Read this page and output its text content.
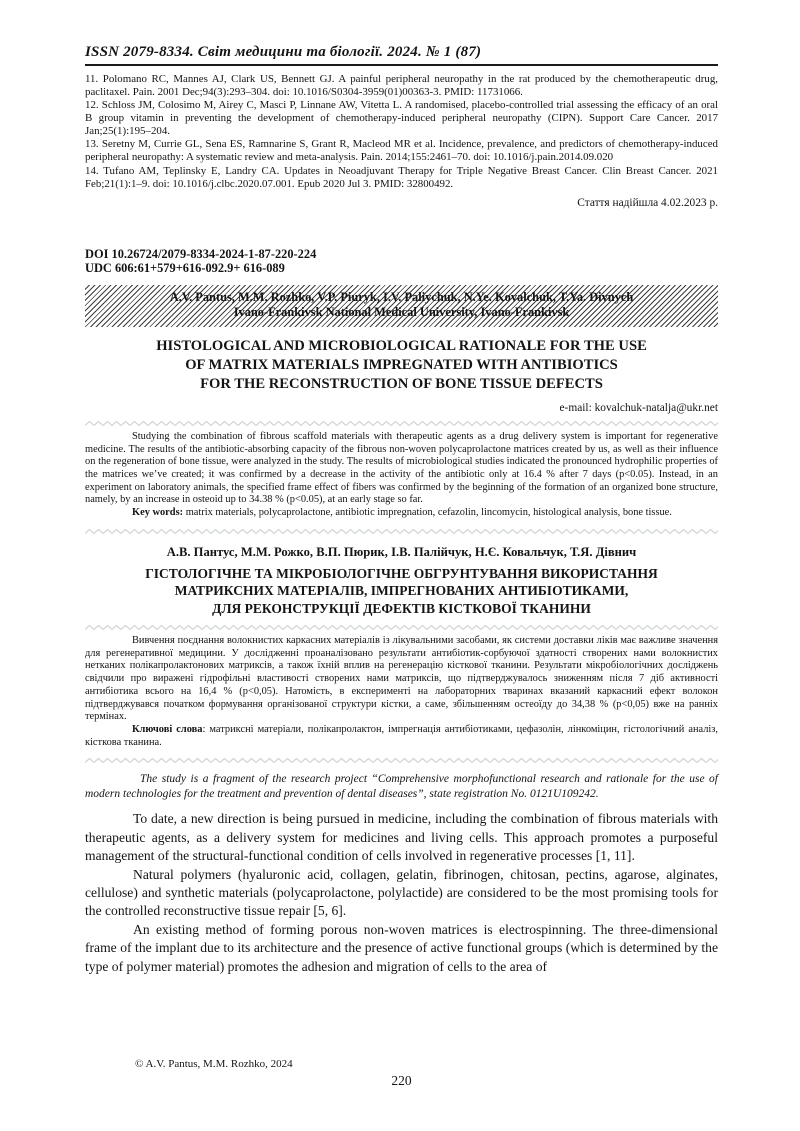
ISSN 2079-8334. Світ медицини та біології. 2024. № 1 (87)

11. Polomano RC, Mannes AJ, Clark US, Bennett GJ. A painful peripheral neuropathy in the rat produced by the chemotherapeutic drug, paclitaxel. Pain. 2001 Dec;94(3):293–304. doi: 10.1016/S0304-3959(01)00363-3. PMID: 11731066.

12. Schloss JM, Colosimo M, Airey C, Masci P, Linnane AW, Vitetta L. A randomised, placebo-controlled trial assessing the efficacy of an oral B group vitamin in preventing the development of chemotherapy-induced peripheral neuropathy (CIPN). Support Care Cancer. 2017 Jan;25(1):195–204.

13. Seretny M, Currie GL, Sena ES, Ramnarine S, Grant R, Macleod MR et al. Incidence, prevalence, and predictors of chemotherapy-induced peripheral neuropathy: A systematic review and meta-analysis. Pain. 2014;155:2461–70. doi: 10.1016/j.pain.2014.09.020

14. Tufano AM, Teplinsky E, Landry CA. Updates in Neoadjuvant Therapy for Triple Negative Breast Cancer. Clin Breast Cancer. 2021 Feb;21(1):1–9. doi: 10.1016/j.clbc.2020.07.001. Epub 2020 Jul 3. PMID: 32800492.

Стаття надійшла 4.02.2023 р.
DOI 10.26724/2079-8334-2024-1-87-220-224
UDC 606:61+579+616-092.9+ 616-089
A.V. Pantus, M.M. Rozhko, V.P. Piuryk, I.V. Paliychuk, N.Ye. Kovalchuk, T.Ya. Divnych
Ivano-Frankivsk National Medical University, Ivano-Frankivsk
HISTOLOGICAL AND MICROBIOLOGICAL RATIONALE FOR THE USE
OF MATRIX MATERIALS IMPREGNATED WITH ANTIBIOTICS
FOR THE RECONSTRUCTION OF BONE TISSUE DEFECTS
e-mail: kovalchuk-natalja@ukr.net

Studying the combination of fibrous scaffold materials with therapeutic agents as a drug delivery system is important for regenerative medicine. The results of the antibiotic-absorbing capacity of the fibrous non-woven polycaprolactone matrices created by us, as well as their influence on the regeneration of bone tissue, were analyzed in the study. The results of microbiological studies indicated the pronounced hydrophilic properties of the matrices we’ve created; it was confirmed by a decrease in the activity of the antibiotic only at 16.4 % after 7 days (p<0.05). Instead, in an experiment on laboratory animals, the specified frame effect of fibers was confirmed by the beginning of the formation of an organized bone structure, namely, by an increase in osteoid up to 34.38 % (p<0.05), at an early stage so far.

Key words: matrix materials, polycaprolactone, antibiotic impregnation, cefazolin, lincomycin, histological analysis, bone tissue.

А.В. Пантус, М.М. Рожко, В.П. Пюрик, І.В. Палійчук, Н.Є. Ковальчук, Т.Я. Дівнич
ГІСТОЛОГІЧНЕ ТА МІКРОБІОЛОГІЧНЕ ОБГРУНТУВАННЯ ВИКОРИСТАННЯ
МАТРИКСНИХ МАТЕРІАЛІВ, ІМПРЕГНОВАНИХ АНТИБІОТИКАМИ,
ДЛЯ РЕКОНСТРУКЦІЇ ДЕФЕКТІВ КІСТКОВОЇ ТКАНИНИ

Вивчення поєднання волокнистих каркасних матеріалів із лікувальними засобами, як системи доставки ліків має важливе значення для регенеративної медицини. У дослідженні проаналізовано результати антибіотик-сорбуючої здатності створених нами волокнистих нетканих полікапролактонових матриксів, а також їхній вплив на регенерацію кісткової тканини. Результати мікробіологічних досліджень свідчили про виражені гідрофільні властивості створених нами матриксів, що підтверджувалось зниженням після 7 діб активності антибіотика всього на 16,4 % (p<0,05). Натомість, в експерименті на лабораторних тваринах вказаний каркасний ефект волокон підтверджувався початком формування організованої структури кістки, а саме, збільшенням остеоїду до 34,38 % (p<0,05) вже на ранніх термінах.

Ключові слова: матриксні матеріали, полікапролактон, імпрегнація антибіотиками, цефазолін, лінкоміцин, гістологічний аналіз, кісткова тканина.

The study is a fragment of the research project “Comprehensive morphofunctional research and rationale for the use of modern technologies for the treatment and prevention of dental diseases”, state registration No. 0121U109242.

To date, a new direction is being pursued in medicine, including the combination of fibrous materials with therapeutic agents, as a delivery system for medicines and living cells. This approach promotes a purposeful management of the structural-functional condition of cells involved in regenerative processes [1, 11].

Natural polymers (hyaluronic acid, collagen, gelatin, fibrinogen, chitosan, pectins, agarose, alginates, cellulose) and synthetic materials (polycaprolactone, polylactide) are considered to be the most promising tools for the controlled reconstructive tissue repair [5, 6].

An existing method of forming porous non-woven matrices is electrospinning. The three-dimensional frame of the implant due to its architecture and the presence of active functional groups (which is determined by the type of polymer material) promotes the adhesion and migration of cells to the area of

© A.V. Pantus, M.M. Rozhko, 2024
220
